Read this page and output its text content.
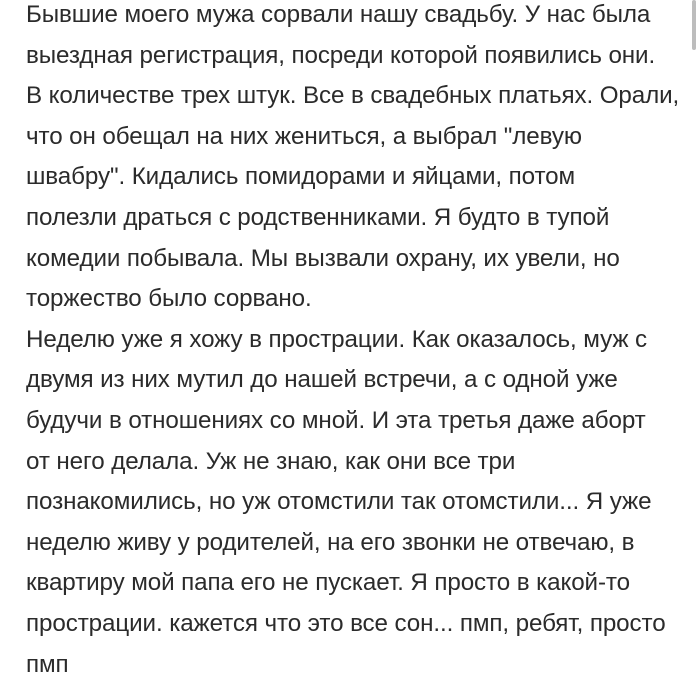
Бывшие моего мужа сорвали нашу свадьбу. У нас была
выездная регистрация, посреди которой появились они.
В количестве трех штук. Все в свадебных платьях. Орали,
что он обещал на них жениться, а выбрал "левую
швабру". Кидались помидорами и яйцами, потом
полезли драться с родственниками. Я будто в тупой
комедии побывала. Мы вызвали охрану, их увели, но
торжество было сорвано.
Неделю уже я хожу в прострации. Как оказалось, муж с
двумя из них мутил до нашей встречи, а с одной уже
будучи в отношениях со мной. И эта третья даже аборт
от него делала. Уж не знаю, как они все три
познакомились, но уж отомстили так отомстили... Я уже
неделю живу у родителей, на его звонки не отвечаю, в
квартиру мой папа его не пускает. Я просто в какой-то
прострации. кажется что это все сон... пмп, ребят, просто
пмп
